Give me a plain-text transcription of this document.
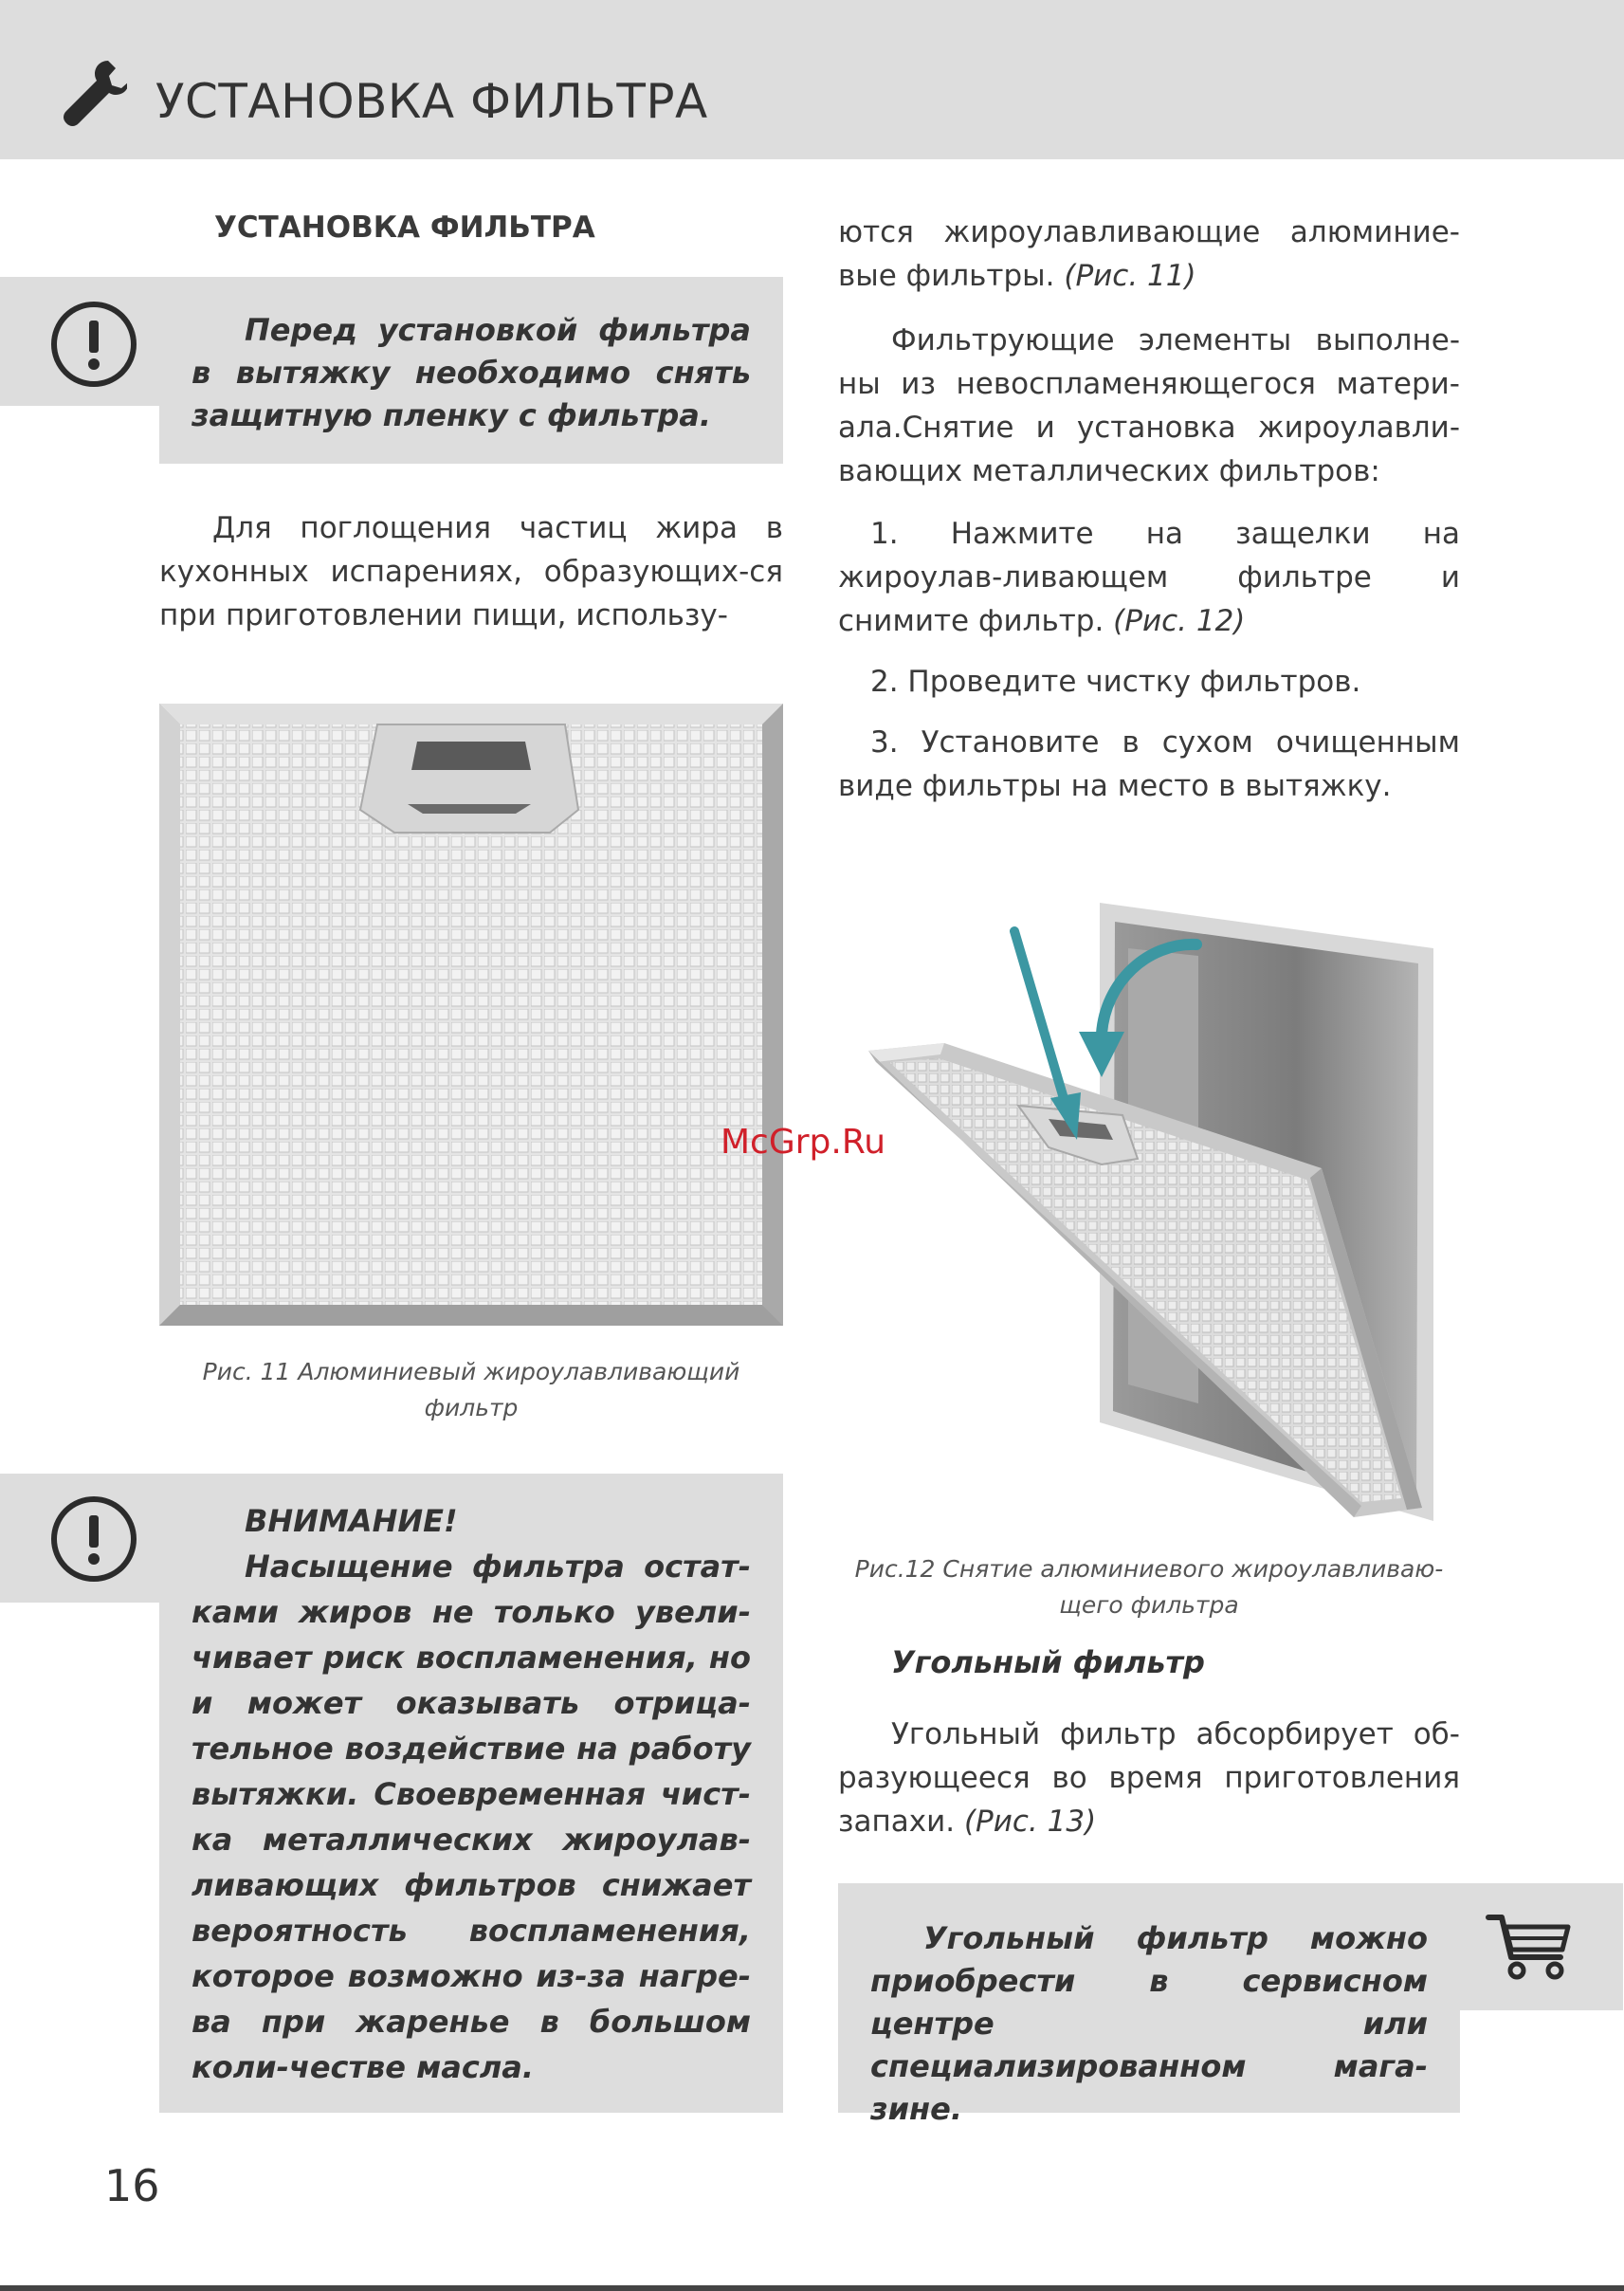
УСТАНОВКА ФИЛЬТРА
УСТАНОВКА ФИЛЬТРА
Перед установкой фильтра в вытяжку необходимо снять защитную пленку с фильтра.
Для поглощения частиц жира в кухонных испарениях, образующих-ся при приготовлении пищи, использу-
Рис. 11 Алюминиевый жироулавливающий
фильтр
ВНИМАНИЕ!
Насыщение фильтра остат-ками жиров не только увели-чивает риск воспламенения, но и может оказывать отрица-тельное воздействие на работу вытяжки. Своевременная чист-ка металлических жироулав-ливающих фильтров снижает вероятность воспламенения, которое возможно из-за нагре-ва при жаренье в большом коли-честве масла.

ются жироулавливающие алюминие-вые фильтры. (Рис. 11)

Фильтрующие элементы выполне-ны из невоспламеняющегося матери-ала.Снятие и установка жироулавли-вающих металлических фильтров:

1. Нажмите на защелки на жироулав-ливающем фильтре и снимите фильтр. (Рис. 12)

2. Проведите чистку фильтров.

3. Установите в сухом очищенным виде фильтры на место в вытяжку.

Рис.12 Снятие алюминиевого жироулавливаю-
щего фильтра
Угольный фильтр
Угольный фильтр абсорбирует об-разующееся во время приготовления запахи. (Рис. 13)
Угольный фильтр можно приобрести в сервисном центре или специализированном мага-зине.
McGrp.Ru
16
